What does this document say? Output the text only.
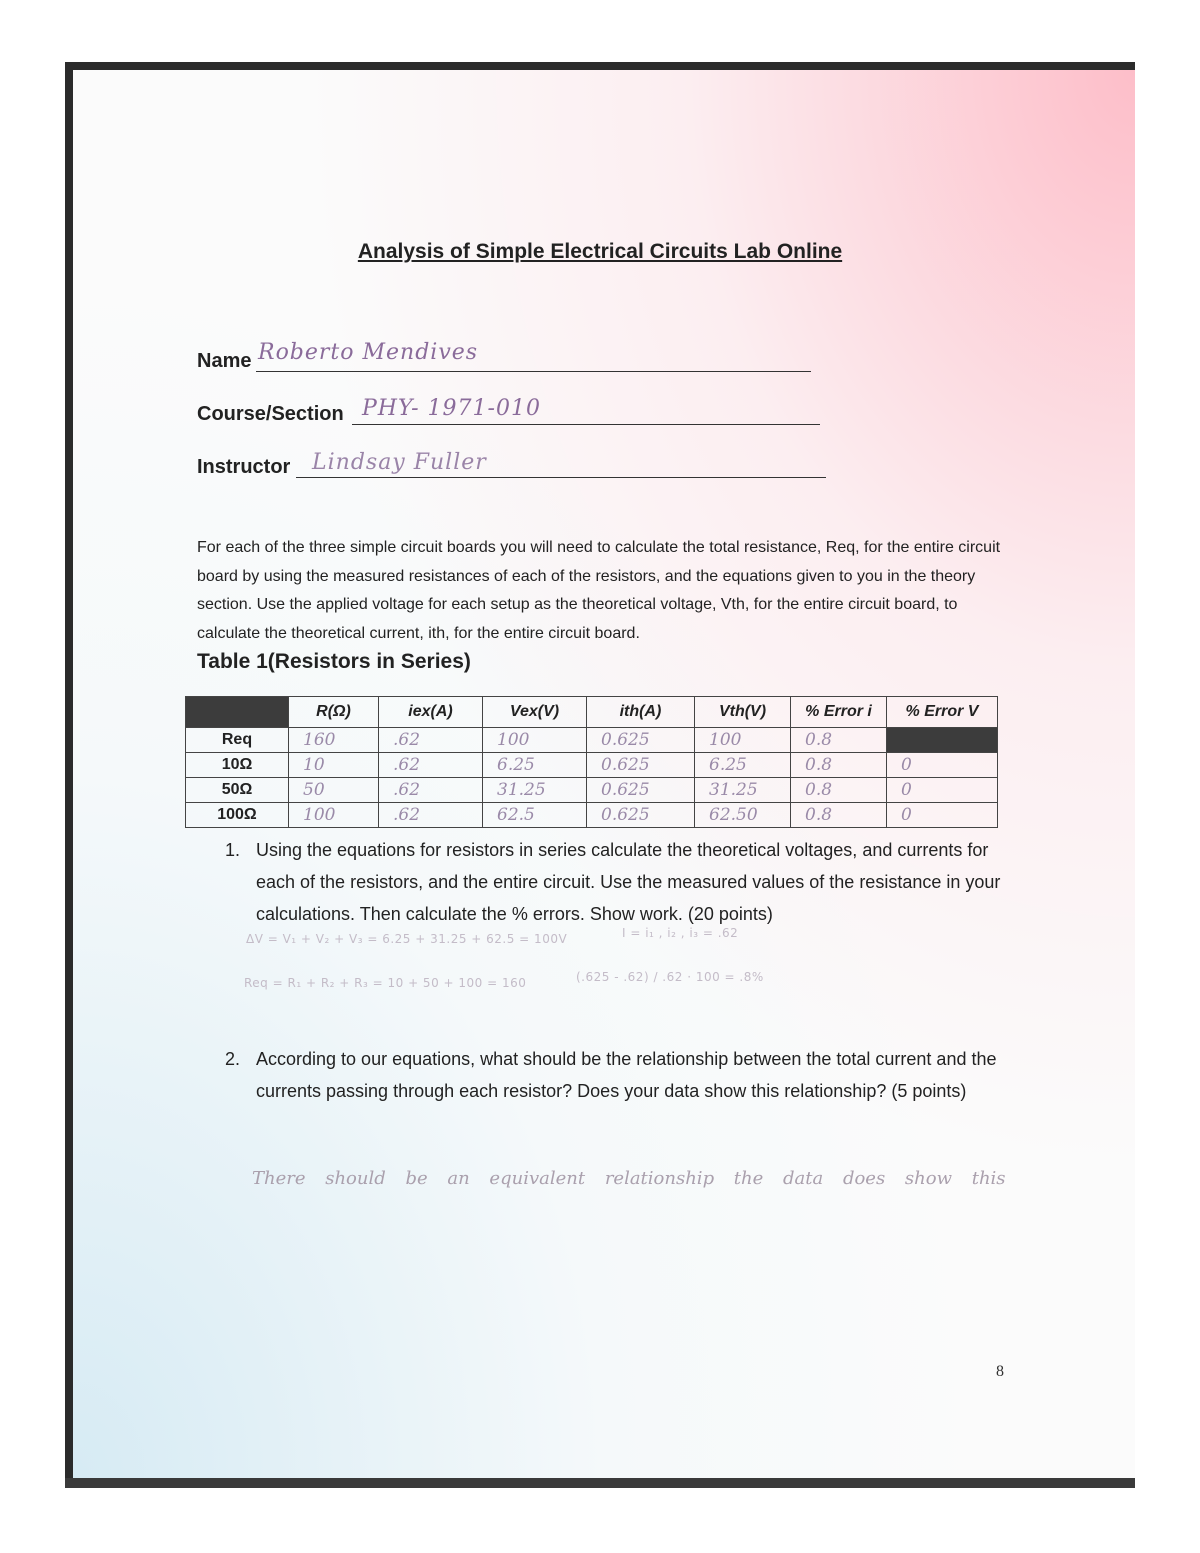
Analysis of Simple Electrical Circuits Lab Online
Name Roberto Mendives
Course/Section PHY- 1971-010
Instructor Lindsay Fuller
For each of the three simple circuit boards you will need to calculate the total resistance, Req, for the entire circuit board by using the measured resistances of each of the resistors, and the equations given to you in the theory section. Use the applied voltage for each setup as the theoretical voltage, Vth, for the entire circuit board, to calculate the theoretical current, ith, for the entire circuit board.
Table 1(Resistors in Series)
	R(Ω)	iex(A)	Vex(V)	ith(A)	Vth(V)	% Error i	% Error V
Req	160	.62	100	0.625	100	0.8	
10Ω	10	.62	6.25	0.625	6.25	0.8	0
50Ω	50	.62	31.25	0.625	31.25	0.8	0
100Ω	100	.62	62.5	0.625	62.50	0.8	0
1. Using the equations for resistors in series calculate the theoretical voltages, and currents for each of the resistors, and the entire circuit. Use the measured values of the resistance in your calculations. Then calculate the % errors. Show work. (20 points)
ΔV = V₁ + V₂ + V₃ = 6.25 + 31.25 + 62.5 = 100V	I = i₁ , i₂ , i₃ = .62
Req = R₁ + R₂ + R₃ = 10 + 50 + 100 = 160	(.625 - .62) / .62 · 100 = .8%
2. According to our equations, what should be the relationship between the total current and the currents passing through each resistor? Does your data show this relationship? (5 points)
There should be an equivalent relationship the data does show this
8
